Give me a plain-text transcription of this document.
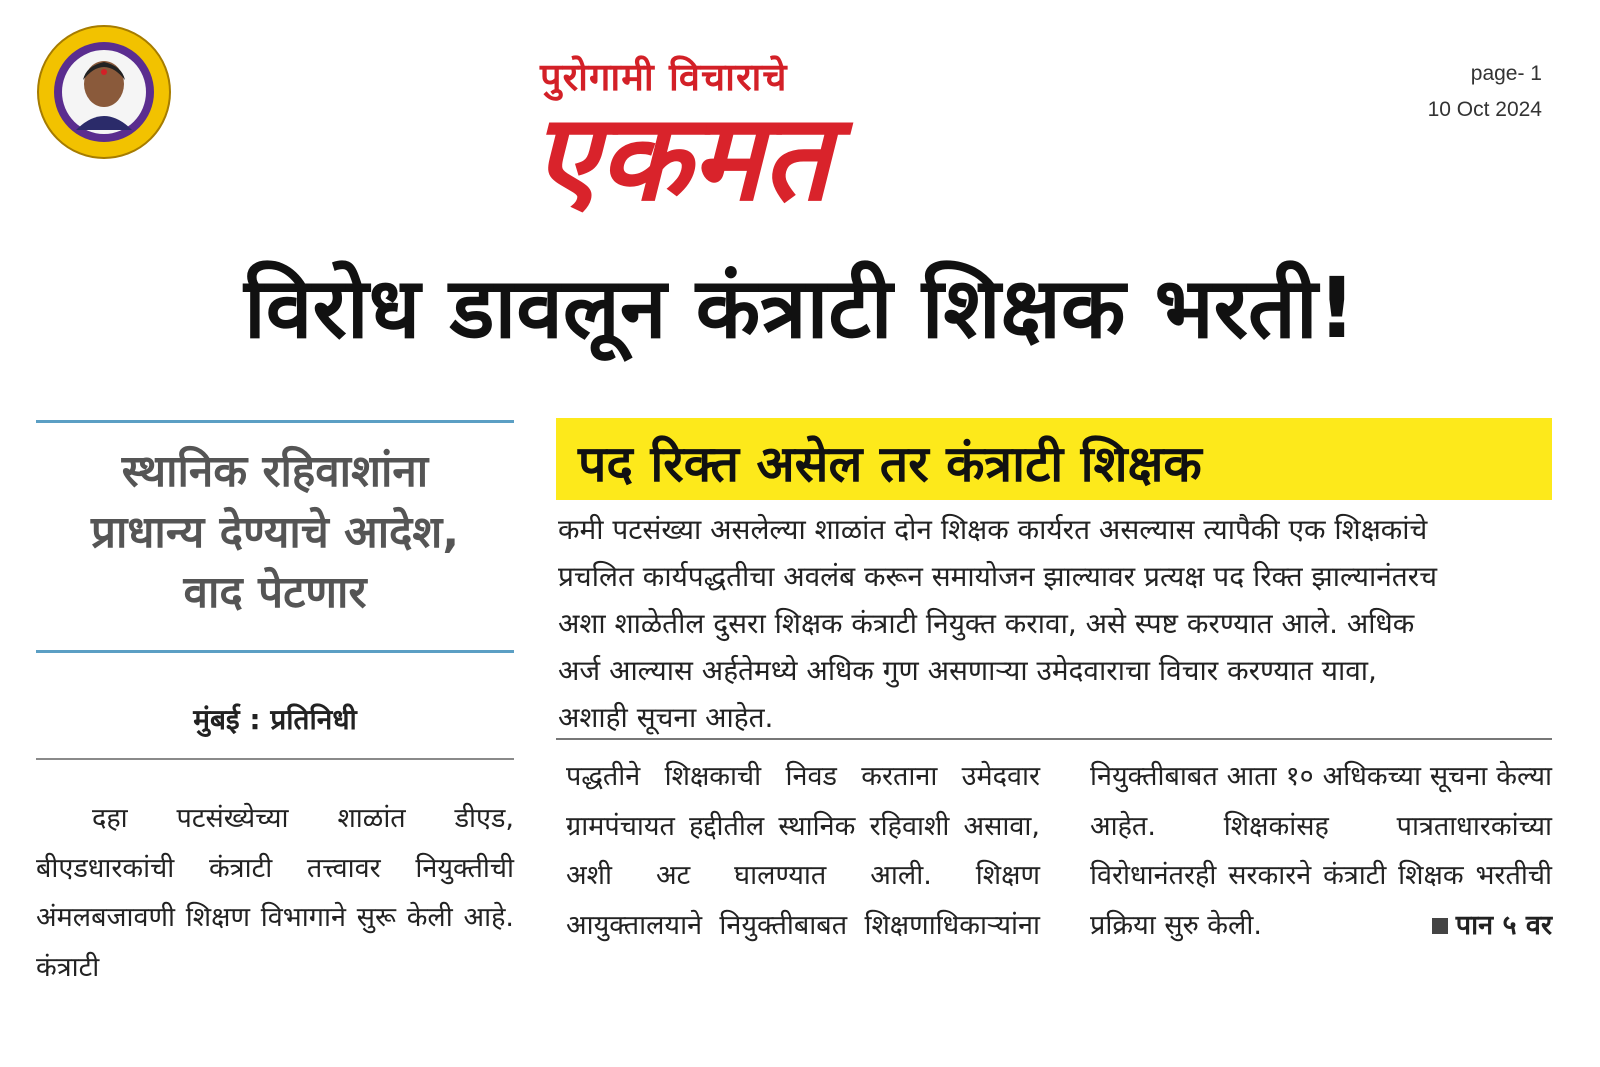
पुरोगामी विचाराचे
एकमत
page- 1
10 Oct 2024
विरोध डावलून कंत्राटी शिक्षक भरती!
स्थानिक रहिवाशांना
प्राधान्य देण्याचे आदेश,
वाद पेटणार
मुंबई : प्रतिनिधी
दहा पटसंख्येच्या शाळांत डीएड, बीएडधारकांची कंत्राटी तत्त्वावर नियुक्तीची अंमलबजावणी शिक्षण विभागाने सुरू केली आहे. कंत्राटी
पद रिक्त असेल तर कंत्राटी शिक्षक
कमी पटसंख्या असलेल्या शाळांत दोन शिक्षक कार्यरत असल्यास त्यापैकी एक शिक्षकांचे
प्रचलित कार्यपद्धतीचा अवलंब करून समायोजन झाल्यावर प्रत्यक्ष पद रिक्त झाल्यानंतरच
अशा शाळेतील दुसरा शिक्षक कंत्राटी नियुक्त करावा, असे स्पष्ट करण्यात आले. अधिक
अर्ज आल्यास अर्हतेमध्ये अधिक गुण असणाऱ्या उमेदवाराचा विचार करण्यात यावा,
अशाही सूचना आहेत.
पद्धतीने शिक्षकाची निवड करताना उमेदवार ग्रामपंचायत हद्दीतील स्थानिक रहिवाशी असावा, अशी अट घालण्यात आली. शिक्षण आयुक्तालयाने नियुक्तीबाबत शिक्षणाधिकाऱ्यांना
नियुक्तीबाबत आता १० अधिकच्या सूचना केल्या आहेत. शिक्षकांसह पात्रताधारकांच्या विरोधानंतरही सरकारने कंत्राटी शिक्षक भरतीची
प्रक्रिया सुरु केली.	पान ५ वर
